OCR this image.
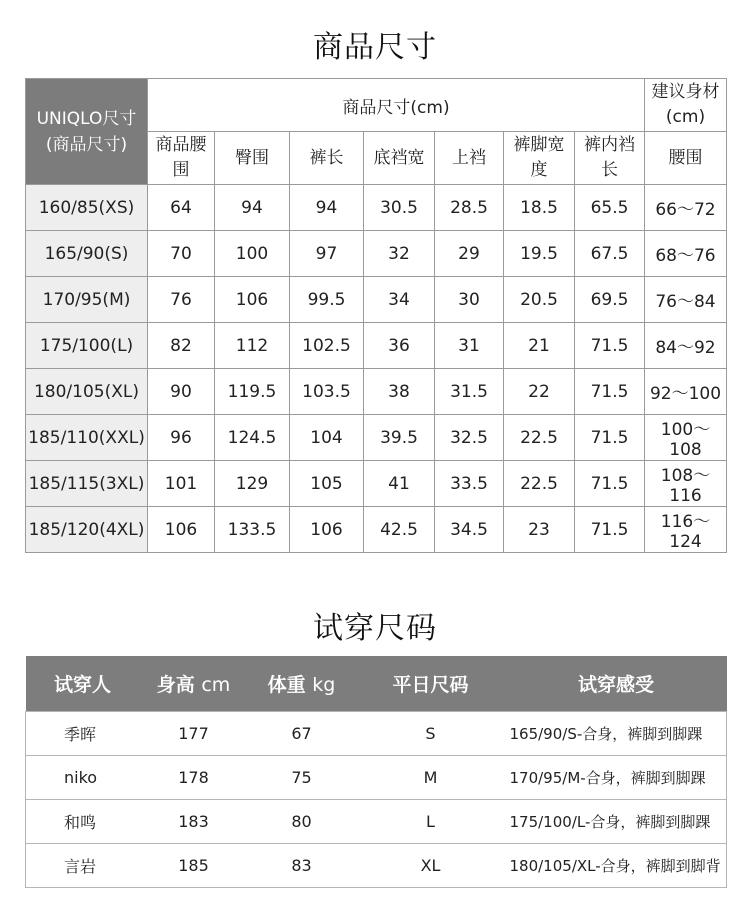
商品尺寸
UNIQLO尺寸
(商品尺寸)	商品尺寸(cm)							建议身材
(cm)
	商品腰围	臀围	裤长	底裆宽	上裆	裤脚宽度	裤内裆长	腰围
160/85(XS)	64	94	94	30.5	28.5	18.5	65.5	66～72
165/90(S)	70	100	97	32	29	19.5	67.5	68～76
170/95(M)	76	106	99.5	34	30	20.5	69.5	76～84
175/100(L)	82	112	102.5	36	31	21	71.5	84～92
180/105(XL)	90	119.5	103.5	38	31.5	22	71.5	92～100
185/110(XXL)	96	124.5	104	39.5	32.5	22.5	71.5	100～108
185/115(3XL)	101	129	105	41	33.5	22.5	71.5	108～116
185/120(4XL)	106	133.5	106	42.5	34.5	23	71.5	116～124
试穿尺码
试穿人	身高 cm	体重 kg	平日尺码	试穿感受
季晖	177	67	S	165/90/S-合身，裤脚到脚踝
niko	178	75	M	170/95/M-合身，裤脚到脚踝
和鸣	183	80	L	175/100/L-合身，裤脚到脚踝
言岩	185	83	XL	180/105/XL-合身，裤脚到脚背
